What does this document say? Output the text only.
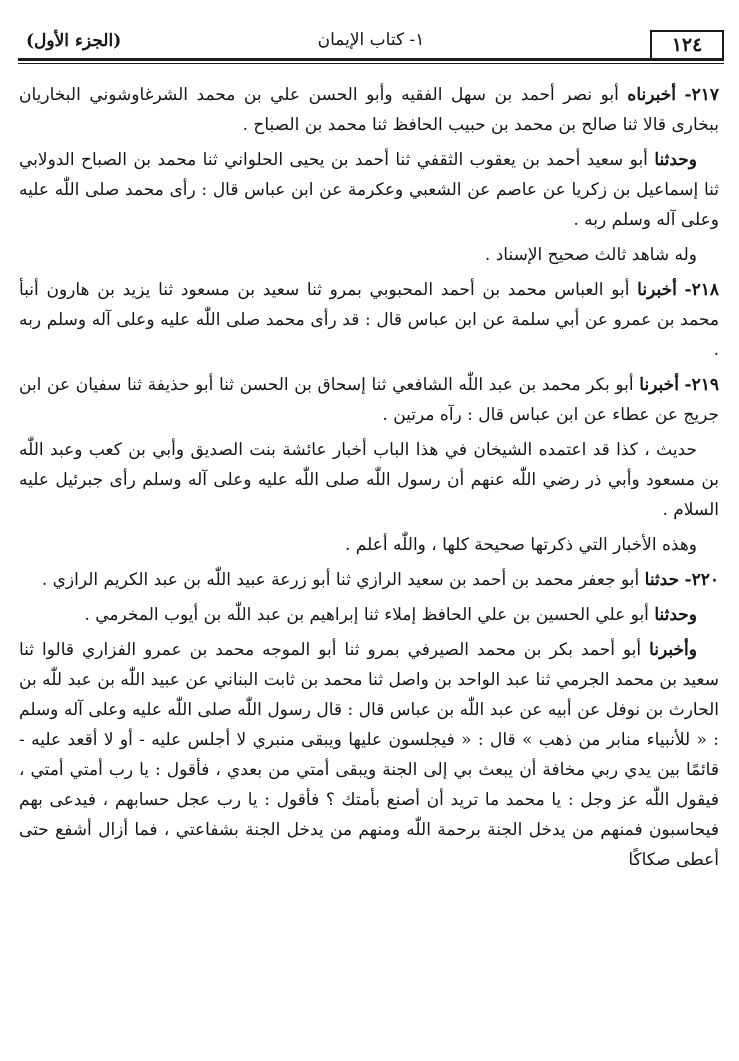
١٢٤
١- كتاب الإيمان
(الجزء الأول)

٢١٧- أخبرناه أبو نصر أحمد بن سهل الفقيه وأبو الحسن علي بن محمد الشرغاوشوني البخاريان ببخارى قالا ثنا صالح بن محمد بن حبيب الحافظ ثنا محمد بن الصباح .

وحدثنا أبو سعيد أحمد بن يعقوب الثقفي ثنا أحمد بن يحيى الحلواني ثنا محمد بن الصباح الدولابي ثنا إسماعيل بن زكريا عن عاصم عن الشعبي وعكرمة عن ابن عباس قال : رأى محمد صلى اللّٰه عليه وعلى آله وسلم ربه .

وله شاهد ثالث صحيح الإسناد .

٢١٨- أخبرنا أبو العباس محمد بن أحمد المحبوبي بمرو ثنا سعيد بن مسعود ثنا يزيد بن هارون أنبأ محمد بن عمرو عن أبي سلمة عن ابن عباس قال : قد رأى محمد صلى اللّٰه عليه وعلى آله وسلم ربه .

٢١٩- أخبرنا أبو بكر محمد بن عبد اللّٰه الشافعي ثنا إسحاق بن الحسن ثنا أبو حذيفة ثنا سفيان عن ابن جريج عن عطاء عن ابن عباس قال : رآه مرتين .

حديث ، كذا قد اعتمده الشيخان في هذا الباب أخبار عائشة بنت الصديق وأبي بن كعب وعبد اللّٰه بن مسعود وأبي ذر رضي اللّٰه عنهم أن رسول اللّٰه صلى اللّٰه عليه وعلى آله وسلم رأى جبرئيل عليه السلام .

وهذه الأخبار التي ذكرتها صحيحة كلها ، واللّٰه أعلم .

٢٢٠- حدثنا أبو جعفر محمد بن أحمد بن سعيد الرازي ثنا أبو زرعة عبيد اللّٰه بن عبد الكريم الرازي .

وحدثنا أبو علي الحسين بن علي الحافظ إملاء ثنا إبراهيم بن عبد اللّٰه بن أيوب المخرمي .

وأخبرنا أبو أحمد بكر بن محمد الصيرفي بمرو ثنا أبو الموجه محمد بن عمرو الفزاري قالوا ثنا سعيد بن محمد الجرمي ثنا عبد الواحد بن واصل ثنا محمد بن ثابت البناني عن عبيد اللّٰه بن عبد للّٰه بن الحارث بن نوفل عن أبيه عن عبد اللّٰه بن عباس قال : قال رسول اللّٰه صلى اللّٰه عليه وعلى آله وسلم : « للأنبياء منابر من ذهب » قال : « فيجلسون عليها ويبقى منبري لا أجلس عليه - أو لا أقعد عليه - قائمًا بين يدي ربي مخافة أن يبعث بي إلى الجنة ويبقى أمتي من بعدي ، فأقول : يا رب أمتي أمتي ، فيقول اللّٰه عز وجل : يا محمد ما تريد أن أصنع بأمتك ؟ فأقول : يا رب عجل حسابهم ، فيدعى بهم فيحاسبون فمنهم من يدخل الجنة برحمة اللّٰه ومنهم من يدخل الجنة بشفاعتي ، فما أزال أشفع حتى أعطى صكاكًا
